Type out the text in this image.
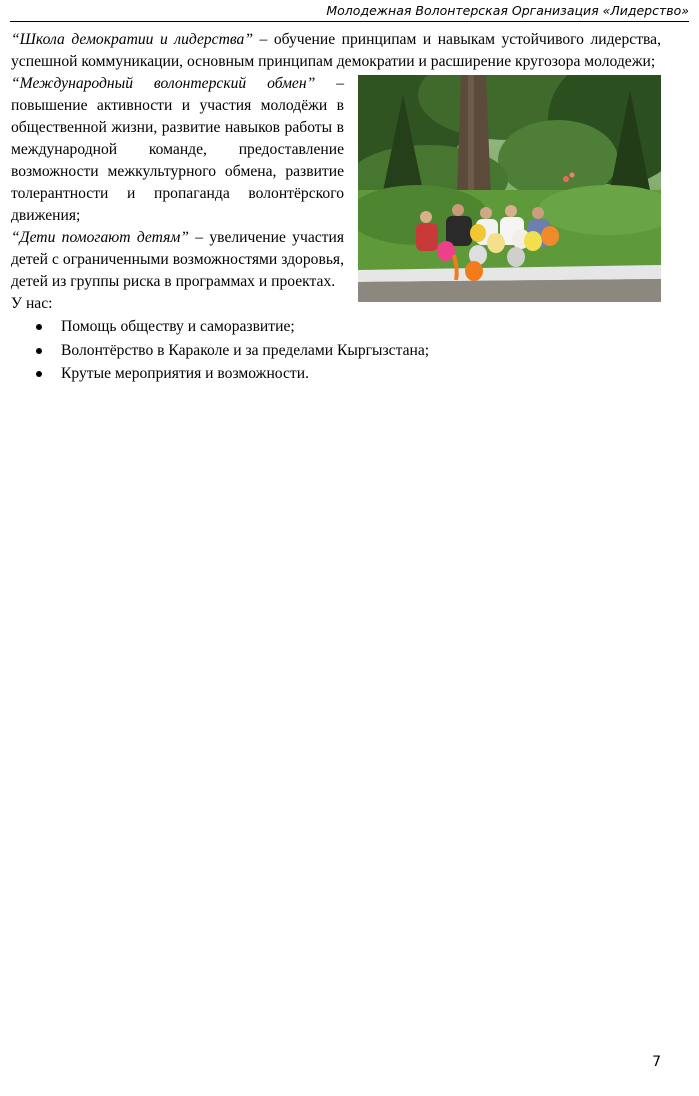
Молодежная Волонтерская Организация «Лидерство»

“Школа демократии и лидерства” – обучение принципам и навыкам устойчивого лидерства, успешной коммуникации, основным принципам демократии и расширение кругозора молодежи;

“Международный волонтерский обмен” – повышение активности и участия молодёжи в общественной жизни, развитие навыков работы в международной команде, предоставление возможности межкультурного обмена, развитие толерантности и пропаганда волонтёрского движения;

“Дети помогают детям” – увеличение участия детей с ограниченными возможностями здоровья, детей из группы риска в программах и проектах.

У нас:

Помощь обществу и саморазвитие;
Волонтёрство в Караколе и за пределами Кыргызстана;
Крутые мероприятия и возможности.
7
